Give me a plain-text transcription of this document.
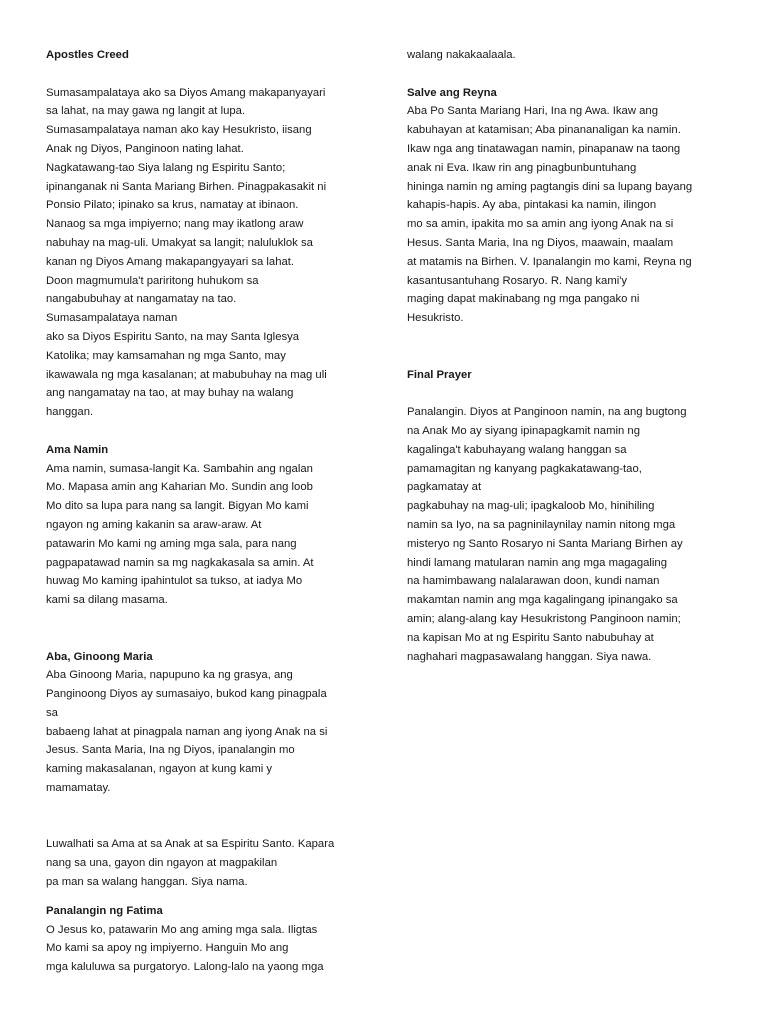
Apostles Creed
Sumasampalataya ako sa Diyos Amang makapanyayari
sa lahat, na may gawa ng langit at lupa.
Sumasampalataya naman ako kay Hesukristo, iisang
Anak ng Diyos, Panginoon nating lahat.
Nagkatawang-tao Siya lalang ng Espiritu Santo;
ipinanganak ni Santa Mariang Birhen. Pinagpakasakit ni
Ponsio Pilato; ipinako sa krus, namatay at ibinaon.
Nanaog sa mga impiyerno; nang may ikatlong araw
nabuhay na mag-uli. Umakyat sa langit; naluluklok sa
kanan ng Diyos Amang makapangyayari sa lahat.
Doon magmumula't pariritong huhukom sa
nangabubuhay at nangamatay na tao.
Sumasampalataya naman
ako sa Diyos Espiritu Santo, na may Santa Iglesya
Katolika; may kamsamahan ng mga Santo, may
ikawawala ng mga kasalanan; at mabubuhay na mag uli
ang nangamatay na tao, at may buhay na walang
hanggan.
Ama Namin
Ama namin, sumasa-langit Ka. Sambahin ang ngalan
Mo. Mapasa amin ang Kaharian Mo. Sundin ang loob
Mo dito sa lupa para nang sa langit. Bigyan Mo kami
ngayon ng aming kakanin sa araw-araw. At
patawarin Mo kami ng aming mga sala, para nang
pagpapatawad namin sa mg nagkakasala sa amin. At
huwag Mo kaming ipahintulot sa tukso, at iadya Mo
kami sa dilang masama.
Aba, Ginoong Maria
Aba Ginoong Maria, napupuno ka ng grasya, ang
Panginoong Diyos ay sumasaiyo, bukod kang pinagpala
sa
babaeng lahat at pinagpala naman ang iyong Anak na si
Jesus. Santa Maria, Ina ng Diyos, ipanalangin mo
kaming makasalanan, ngayon at kung kami y
mamamatay.
Luwalhati sa Ama at sa Anak at sa Espiritu Santo. Kapara
nang sa una, gayon din ngayon at magpakilan
pa man sa walang hanggan. Siya nama.
Panalangin ng Fatima
O Jesus ko, patawarin Mo ang aming mga sala. Iligtas
Mo kami sa apoy ng impiyerno. Hanguin Mo ang
mga kaluluwa sa purgatoryo. Lalong-lalo na yaong mga
walang nakakaalaala.
Salve ang Reyna
Aba Po Santa Mariang Hari, Ina ng Awa. Ikaw ang
kabuhayan at katamisan; Aba pinananaligan ka namin.
Ikaw nga ang tinatawagan namin, pinapanaw na taong
anak ni Eva. Ikaw rin ang pinagbunbuntuhang
hininga namin ng aming pagtangis dini sa lupang bayang
kahapis-hapis. Ay aba, pintakasi ka namin, ilingon
mo sa amin, ipakita mo sa amin ang iyong Anak na si
Hesus. Santa Maria, Ina ng Diyos, maawain, maalam
at matamis na Birhen. V. Ipanalangin mo kami, Reyna ng
kasantusantuhang Rosaryo. R. Nang kami'y
maging dapat makinabang ng mga pangako ni
Hesukristo.
Final Prayer
Panalangin. Diyos at Panginoon namin, na ang bugtong
na Anak Mo ay siyang ipinapagkamit namin ng
kagalinga't kabuhayang walang hanggan sa
pamamagitan ng kanyang pagkakatawang-tao,
pagkamatay at
pagkabuhay na mag-uli; ipagkaloob Mo, hinihiling
namin sa Iyo, na sa pagninilaynilay namin nitong mga
misteryo ng Santo Rosaryo ni Santa Mariang Birhen ay
hindi lamang matularan namin ang mga magagaling
na hamimbawang nalalarawan doon, kundi naman
makamtan namin ang mga kagalingang ipinangako sa
amin; alang-alang kay Hesukristong Panginoon namin;
na kapisan Mo at ng Espiritu Santo nabubuhay at
naghahari magpasawalang hanggan. Siya nawa.
